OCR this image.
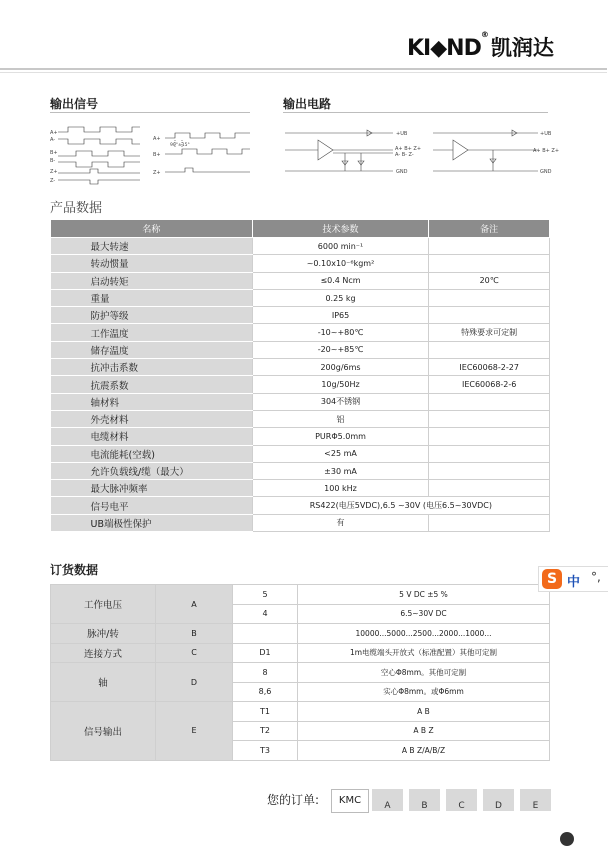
KI◆ND
®
凯润达
输出信号	输出电路
A+
A-
B+
B-
Z+
Z-
A+
B+
Z+
90°±15°
+UB
A+ B+ Z+
A- B- Z-
GND
+UB
A+ B+ Z+
GND
产品数据
名称	技术参数	备注
最大转速	6000 min⁻¹	
转动惯量	~0.10x10⁻⁶kgm²	
启动转矩	≤0.4 Ncm	20℃
重量	0.25 kg	
防护等级	IP65	
工作温度	-10~+80℃	特殊要求可定制
储存温度	-20~+85℃	
抗冲击系数	200g/6ms	IEC60068-2-27
抗震系数	10g/50Hz	IEC60068-2-6
轴材料	304不锈钢	
外壳材料	铝	
电缆材料	PURΦ5.0mm	
电流能耗(空载)	<25 mA	
允许负载线/缆（最大）	±30 mA	
最大脉冲频率	100 kHz	
信号电平	RS422(电压5VDC),6.5 ~30V (电压6.5~30VDC)	
UB端极性保护	有	
订货数据
工作电压	A	5	5 V DC ±5 %
		4	6.5~30V DC
脉冲/转	B		10000...5000...2500...2000...1000...
连接方式	C	D1	1m电缆端头开放式（标准配置）其他可定制
轴	D	8	空心Φ8mm。其他可定制
		8,6	实心Φ8mm。或Φ6mm
信号输出	E	T1	A B
		T2	A B Z
		T3	A B Z/A/B/Z
您的订单:	KMC	A	B	C	D	E
S 中 °,
